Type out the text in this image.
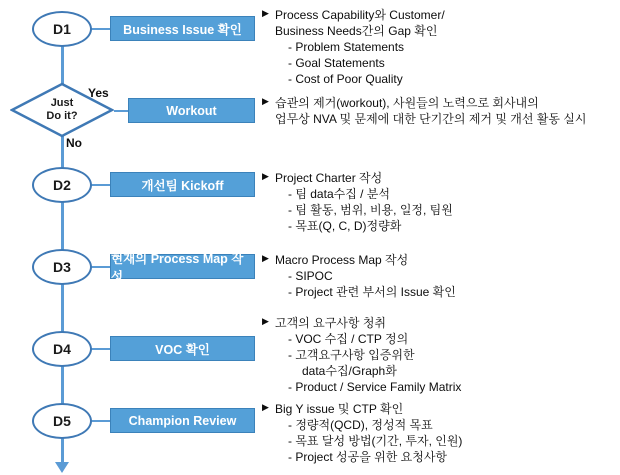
D1	Business Issue 확인
▶ Process Capability와 Customer/
Business Needs간의 Gap 확인
- Problem Statements
- Goal Statements
- Cost of Poor Quality
Just
Do it?
Yes
No
Workout
▶ 습관의 제거(workout), 사원들의 노력으로 회사내의
업무상 NVA 및 문제에 대한 단기간의 제거 및 개선 활동 실시
D2	개선팀 Kickoff
▶ Project Charter 작성
- 팀 data수집 / 분석
- 팀 활동, 범위, 비용, 일정, 팀원
- 목표(Q, C, D)정량화
D3
현재의 Process Map 작성
▶ Macro Process Map 작성
- SIPOC
- Project 관련 부서의 Issue 확인
D4	VOC 확인
▶ 고객의 요구사항 청취
- VOC 수집 / CTP 정의
- 고객요구사항 입증위한
data수집/Graph화
- Product / Service Family Matrix
D5	Champion Review
▶ Big Y issue 및 CTP 확인
- 정량적(QCD), 정성적 목표
- 목표 달성 방법(기간, 투자, 인원)
- Project 성공을 위한 요청사항
